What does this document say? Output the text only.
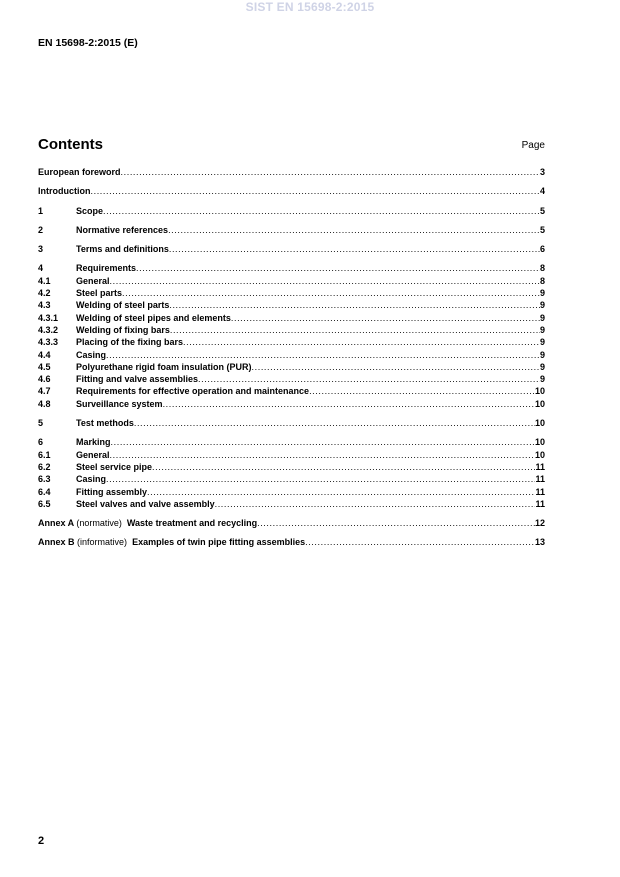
SIST EN 15698-2:2015
EN 15698-2:2015 (E)
Contents	Page
European foreword .....	3
Introduction .....	4
1	Scope .....	5
2	Normative references .....	5
3	Terms and definitions .....	6
4	Requirements .....	8
4.1	General .....	8
4.2	Steel parts .....	9
4.3	Welding of steel parts .....	9
4.3.1	Welding of steel pipes and elements .....	9
4.3.2	Welding of fixing bars .....	9
4.3.3	Placing of the fixing bars .....	9
4.4	Casing .....	9
4.5	Polyurethane rigid foam insulation (PUR) .....	9
4.6	Fitting and valve assemblies .....	9
4.7	Requirements for effective operation and maintenance .....	10
4.8	Surveillance system .....	10
5	Test methods .....	10
6	Marking .....	10
6.1	General .....	10
6.2	Steel service pipe .....	11
6.3	Casing .....	11
6.4	Fitting assembly .....	11
6.5	Steel valves and valve assembly .....	11
Annex A (normative) Waste treatment and recycling .....	12
Annex B (informative) Examples of twin pipe fitting assemblies .....	13
2
